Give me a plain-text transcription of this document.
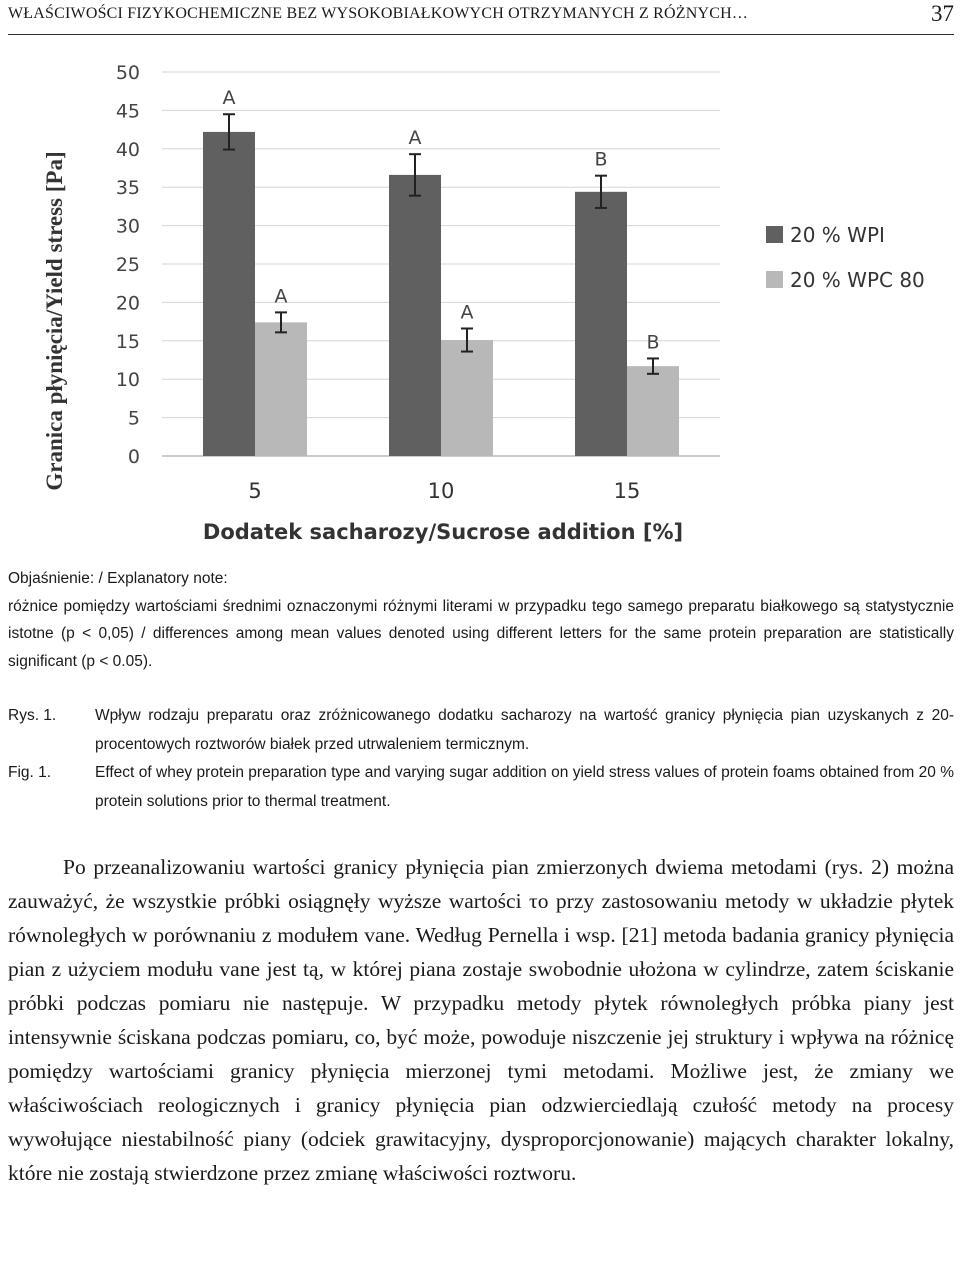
WŁAŚCIWOŚCI FIZYKOCHEMICZNE BEZ WYSOKOBIAŁKOWYCH OTRZYMANYCH Z RÓŻNYCH…	37
A
A
A
A
B
B
0
5
10
15
20
25
30
35
40
45
50
5	10	15
Granica płynięcia/Yield stress [Pa]
Dodatek sacharozy/Sucrose addition [%]
20 % WPI
20 % WPC 80

Objaśnienie: / Explanatory note:

różnice pomiędzy wartościami średnimi oznaczonymi różnymi literami w przypadku tego samego preparatu białkowego są statystycznie istotne (p < 0,05) / differences among mean values denoted using different letters for the same protein preparation are statistically significant (p < 0.05).

Rys. 1.	Wpływ rodzaju preparatu oraz zróżnicowanego dodatku sacharozy na wartość granicy płynięcia pian uzyskanych z 20-procentowych roztworów białek przed utrwaleniem termicznym.
Fig. 1.	Effect of whey protein preparation type and varying sugar addition on yield stress values of protein foams obtained from 20 % protein solutions prior to thermal treatment.

Po przeanalizowaniu wartości granicy płynięcia pian zmierzonych dwiema metodami (rys. 2) można zauważyć, że wszystkie próbki osiągnęły wyższe wartości τo przy zastosowaniu metody w układzie płytek równoległych w porównaniu z modułem vane. Według Pernella i wsp. [21] metoda badania granicy płynięcia pian z użyciem modułu vane jest tą, w której piana zostaje swobodnie ułożona w cylindrze, zatem ściskanie próbki podczas pomiaru nie następuje. W przypadku metody płytek równoległych próbka piany jest intensywnie ściskana podczas pomiaru, co, być może, powoduje niszczenie jej struktury i wpływa na różnicę pomiędzy wartościami granicy płynięcia mierzonej tymi metodami. Możliwe jest, że zmiany we właściwościach reologicznych i granicy płynięcia pian odzwierciedlają czułość metody na procesy wywołujące niestabilność piany (odciek grawitacyjny, dysproporcjonowanie) mających charakter lokalny, które nie zostają stwierdzone przez zmianę właściwości roztworu.
